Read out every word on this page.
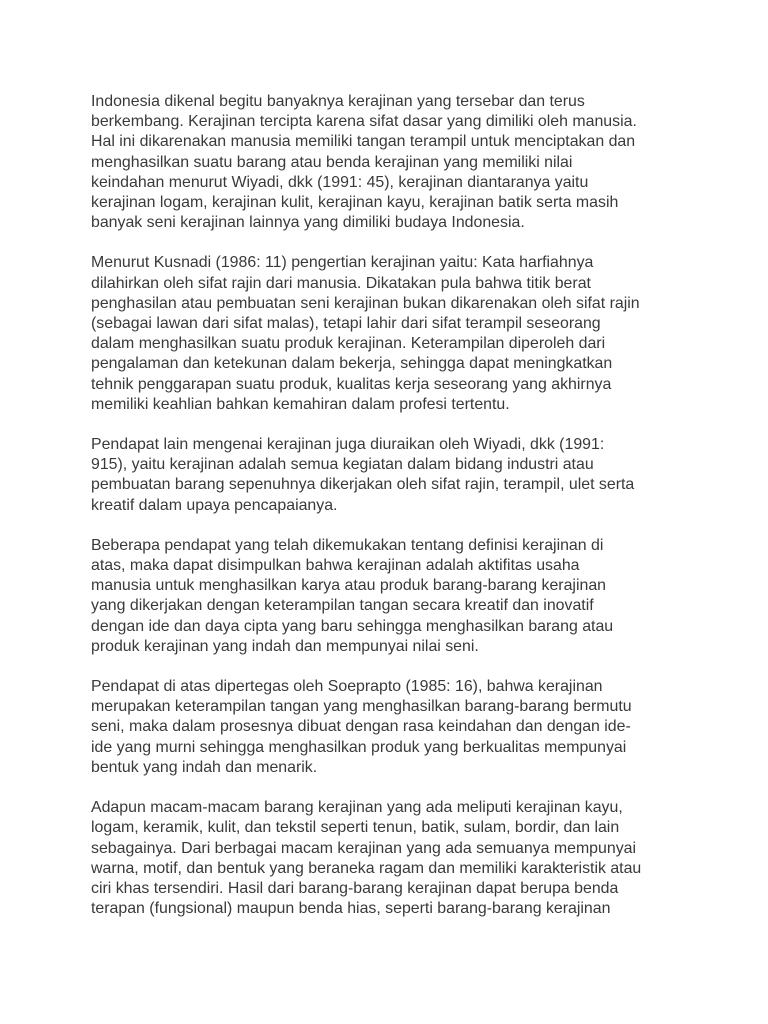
Indonesia dikenal begitu banyaknya kerajinan yang tersebar dan terus
berkembang. Kerajinan tercipta karena sifat dasar yang dimiliki oleh manusia.
Hal ini dikarenakan manusia memiliki tangan terampil untuk menciptakan dan
menghasilkan suatu barang atau benda kerajinan yang memiliki nilai
keindahan menurut Wiyadi, dkk (1991: 45), kerajinan diantaranya yaitu
kerajinan logam, kerajinan kulit, kerajinan kayu, kerajinan batik serta masih
banyak seni kerajinan lainnya yang dimiliki budaya Indonesia.

Menurut Kusnadi (1986: 11) pengertian kerajinan yaitu: Kata harfiahnya
dilahirkan oleh sifat rajin dari manusia. Dikatakan pula bahwa titik berat
penghasilan atau pembuatan seni kerajinan bukan dikarenakan oleh sifat rajin
(sebagai lawan dari sifat malas), tetapi lahir dari sifat terampil seseorang
dalam menghasilkan suatu produk kerajinan. Keterampilan diperoleh dari
pengalaman dan ketekunan dalam bekerja, sehingga dapat meningkatkan
tehnik penggarapan suatu produk, kualitas kerja seseorang yang akhirnya
memiliki keahlian bahkan kemahiran dalam profesi tertentu.

Pendapat lain mengenai kerajinan juga diuraikan oleh Wiyadi, dkk (1991:
915), yaitu kerajinan adalah semua kegiatan dalam bidang industri atau
pembuatan barang sepenuhnya dikerjakan oleh sifat rajin, terampil, ulet serta
kreatif dalam upaya pencapaianya.

Beberapa pendapat yang telah dikemukakan tentang definisi kerajinan di
atas, maka dapat disimpulkan bahwa kerajinan adalah aktifitas usaha
manusia untuk menghasilkan karya atau produk barang-barang kerajinan
yang dikerjakan dengan keterampilan tangan secara kreatif dan inovatif
dengan ide dan daya cipta yang baru sehingga menghasilkan barang atau
produk kerajinan yang indah dan mempunyai nilai seni.

Pendapat di atas dipertegas oleh Soeprapto (1985: 16), bahwa kerajinan
merupakan keterampilan tangan yang menghasilkan barang-barang bermutu
seni, maka dalam prosesnya dibuat dengan rasa keindahan dan dengan ide-
ide yang murni sehingga menghasilkan produk yang berkualitas mempunyai
bentuk yang indah dan menarik.

Adapun macam-macam barang kerajinan yang ada meliputi kerajinan kayu,
logam, keramik, kulit, dan tekstil seperti tenun, batik, sulam, bordir, dan lain
sebagainya. Dari berbagai macam kerajinan yang ada semuanya mempunyai
warna, motif, dan bentuk yang beraneka ragam dan memiliki karakteristik atau
ciri khas tersendiri. Hasil dari barang-barang kerajinan dapat berupa benda
terapan (fungsional) maupun benda hias, seperti barang-barang kerajinan
